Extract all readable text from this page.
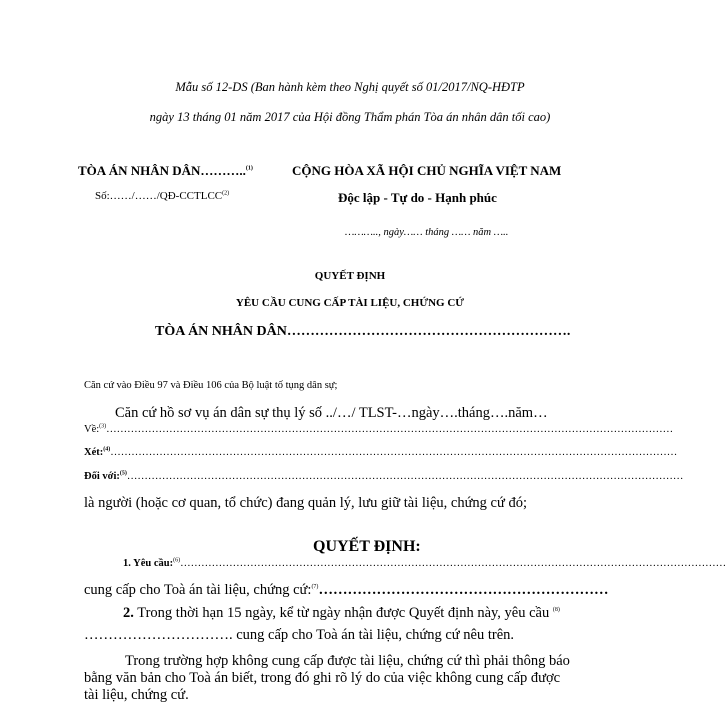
Mẫu số 12-DS (Ban hành kèm theo Nghị quyết số 01/2017/NQ-HĐTP
ngày 13 tháng 01 năm 2017 của Hội đồng Thẩm phán Tòa án nhân dân tối cao)
TÒA ÁN NHÂN DÂN………..$^{(1)}$
Số:……/……/QĐ-CCTLCC$^{(2)}$
CỘNG HÒA XÃ HỘI CHỦ NGHĨA VIỆT NAM
Độc lập - Tự do - Hạnh phúc
……….., ngày…… tháng …… năm …..
QUYẾT ĐỊNH
YÊU CẦU CUNG CẤP TÀI LIỆU, CHỨNG CỨ
TÒA ÁN NHÂN DÂN…………………………………………………….
Căn cứ vào Điều 97 và Điều 106 của Bộ luật tố tụng dân sự;
Căn cứ hồ sơ vụ án dân sự thụ lý số ../…/ TLST-…ngày….tháng….năm…
Về:$^{(3)}$………………………………………………………………………………………………………………………………………………
Xét:$^{(4)}$………………………………………………………………………………………………………………………………………………
Đối với:$^{(5)}$……………………………………………………………………………………………………………………………………………
là người (hoặc cơ quan, tổ chức) đang quản lý, lưu giữ tài liệu, chứng cứ đó;
QUYẾT ĐỊNH:
1. Yêu cầu:$^{(6)}$…………………………………………………………………………………………………………………………………………
cung cấp cho Toà án tài liệu, chứng cứ:$^{(7)}$……………………………………………………
2. Trong thời hạn 15 ngày, kể từ ngày nhận được Quyết định này, yêu cầu $^{(8)}$
…………………………. cung cấp cho Toà án tài liệu, chứng cứ nêu trên.
Trong trường hợp không cung cấp được tài liệu, chứng cứ thì phải thông báo
bằng văn bản cho Toà án biết, trong đó ghi rõ lý do của việc không cung cấp được
tài liệu, chứng cứ.
